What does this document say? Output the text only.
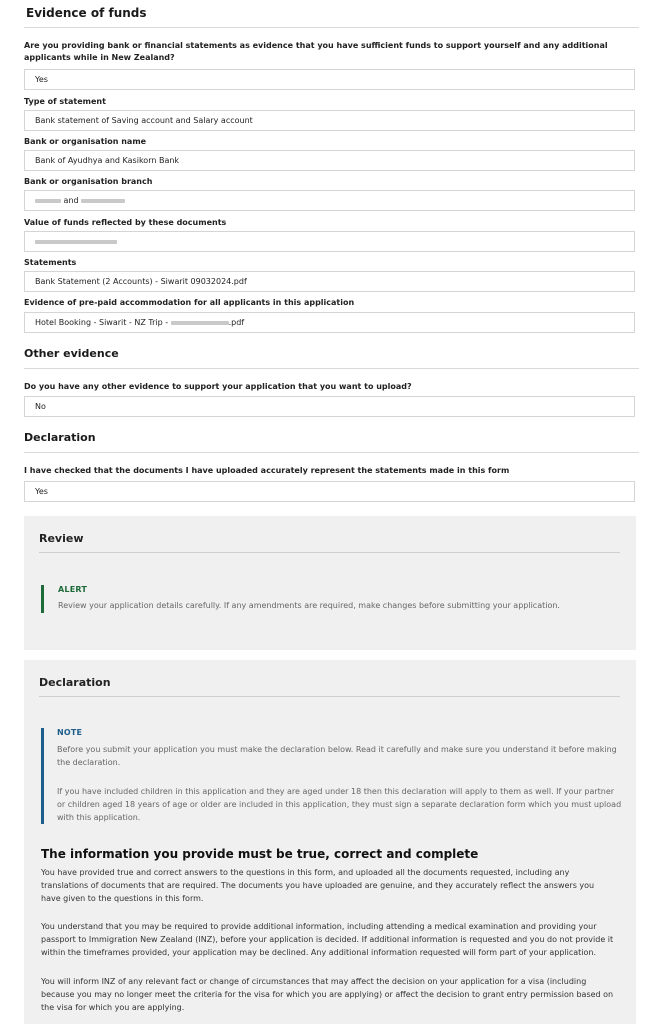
Evidence of funds
Are you providing bank or financial statements as evidence that you have sufficient funds to support yourself and any additional applicants while in New Zealand?
Yes
Type of statement
Bank statement of Saving account and Salary account
Bank or organisation name
Bank of Ayudhya and Kasikorn Bank
Bank or organisation branch
and
Value of funds reflected by these documents
Statements
Bank Statement (2 Accounts) - Siwarit 09032024.pdf
Evidence of pre-paid accommodation for all applicants in this application
Hotel Booking - Siwarit - NZ Trip -	.pdf
Other evidence
Do you have any other evidence to support your application that you want to upload?
No
Declaration
I have checked that the documents I have uploaded accurately represent the statements made in this form
Yes
Review
ALERT
Review your application details carefully. If any amendments are required, make changes before submitting your application.
Declaration
NOTE
Before you submit your application you must make the declaration below. Read it carefully and make sure you understand it before making the declaration.
If you have included children in this application and they are aged under 18 then this declaration will apply to them as well. If your partner or children aged 18 years of age or older are included in this application, they must sign a separate declaration form which you must upload with this application.
The information you provide must be true, correct and complete
You have provided true and correct answers to the questions in this form, and uploaded all the documents requested, including any translations of documents that are required. The documents you have uploaded are genuine, and they accurately reflect the answers you have given to the questions in this form.
You understand that you may be required to provide additional information, including attending a medical examination and providing your passport to Immigration New Zealand (INZ), before your application is decided. If additional information is requested and you do not provide it within the timeframes provided, your application may be declined. Any additional information requested will form part of your application.
You will inform INZ of any relevant fact or change of circumstances that may affect the decision on your application for a visa (including because you may no longer meet the criteria for the visa for which you are applying) or affect the decision to grant entry permission based on the visa for which you are applying.
